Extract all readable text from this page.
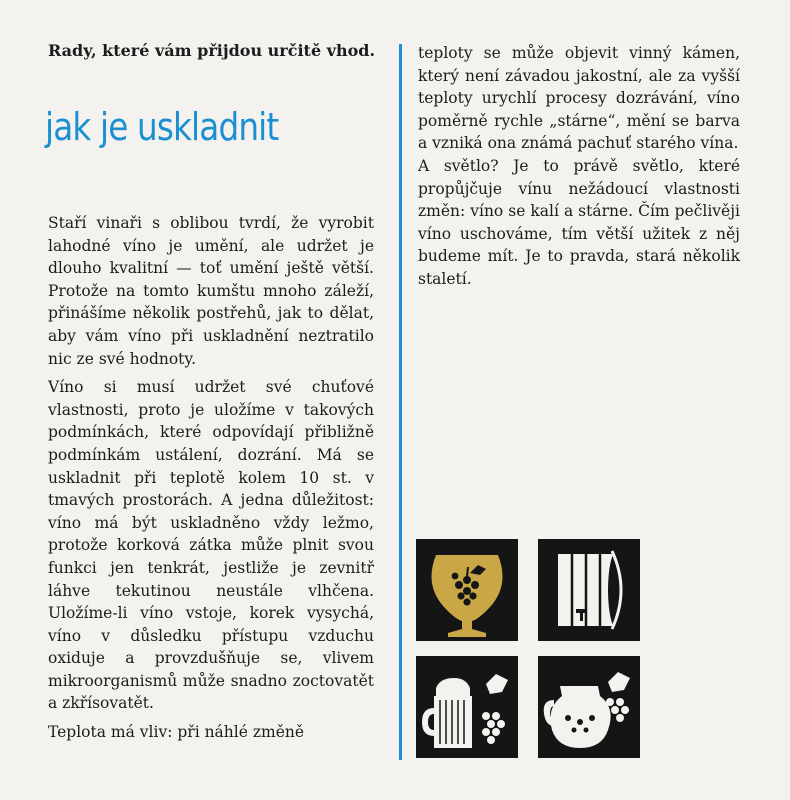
Rady, které vám přijdou určitě vhod.
jak je uskladnit

Staří vinaři s oblibou tvrdí, že vyrobit lahodné víno je umění, ale udržet je dlouho kvalitní — toť umění ještě větší. Protože na tomto kumštu mnoho záleží, přinášíme několik postřehů, jak to dělat, aby vám víno při uskladnění neztratilo nic ze své hodnoty.

Víno si musí udržet své chuťové vlastnosti, proto je uložíme v takových podmínkách, které odpovídají přibližně podmínkám ustálení, dozrání. Má se uskladnit při teplotě kolem 10 st. v tmavých prostorách. A jedna důležitost: víno má být uskladněno vždy ležmo, protože korková zátka může plnit svou funkci jen tenkrát, jestliže je zevnitř láhve tekutinou neustále vlhčena. Uložíme-li víno vstoje, korek vysychá, víno v důsledku přístupu vzduchu oxiduje a provzdušňuje se, vlivem mikroorganismů může snadno zoctovatět a zkřísovatět.

Teplota má vliv: při náhlé změně

teploty se může objevit vinný kámen, který není závadou jakostní, ale za vyšší teploty urychlí procesy dozrávání, víno poměrně rychle „stárne“, mění se barva a vzniká ona známá pachuť starého vína.

A světlo? Je to právě světlo, které propůjčuje vínu nežádoucí vlastnosti změn: víno se kalí a stárne. Čím pečlivěji víno uschováme, tím větší užitek z něj budeme mít. Je to pravda, stará několik staletí.
